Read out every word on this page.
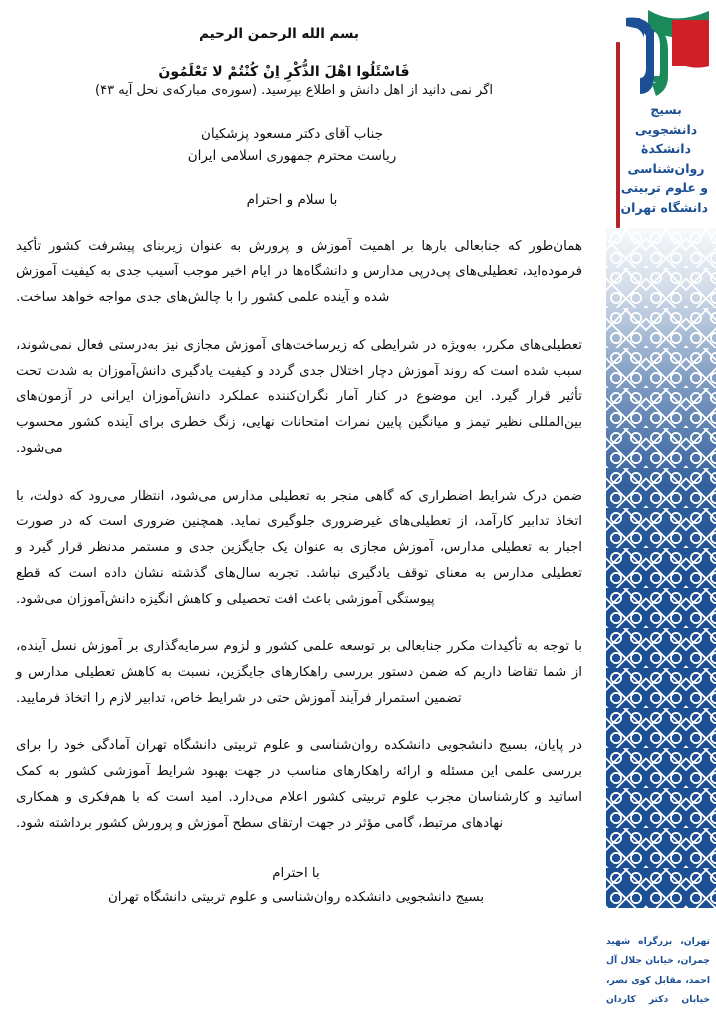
بسیج
دانشجویی
دانشکدهٔ
روان‌شناسی
و علوم تربیتی
دانشگاه تهران
تهران، بزرگراه شهید
چمران، خیابان جلال آل
احمد، مقابل کوی نصر،
خیابان دکتر کاردان

بسم الله الرحمن الرحیم

فَاسْئَلُوا اهْلَ الذُّكْرِ اِنْ كُنْتُمْ لا تَعْلَمُونَ

اگر نمی دانید از اهل دانش و اطلاع بپرسید. (سوره‌ی مبارکه‌ی نحل آیه ۴۳)

جناب آقای دکتر مسعود پزشکیان
ریاست محترم جمهوری اسلامی ایران

با سلام و احترام

همان‌طور که جنابعالی بارها بر اهمیت آموزش و پرورش به عنوان زیربنای پیشرفت کشور تأکید فرموده‌اید، تعطیلی‌های پی‌درپی مدارس و دانشگاه‌ها در ایام اخیر موجب آسیب جدی به کیفیت آموزش شده و آینده علمی کشور را با چالش‌های جدی مواجه خواهد ساخت.

تعطیلی‌های مکرر، به‌ویژه در شرایطی که زیرساخت‌های آموزش مجازی نیز به‌درستی فعال نمی‌شوند، سبب شده است که روند آموزش دچار اختلال جدی گردد و کیفیت یادگیری دانش‌آموزان به شدت تحت تأثیر قرار گیرد. این موضوع در کنار آمار نگران‌کننده عملکرد دانش‌آموزان ایرانی در آزمون‌های بین‌المللی نظیر تیمز و میانگین پایین نمرات امتحانات نهایی، زنگ خطری برای آینده کشور محسوب می‌شود.

ضمن درک شرایط اضطراری که گاهی منجر به تعطیلی مدارس می‌شود، انتظار می‌رود که دولت، با اتخاذ تدابیر کارآمد، از تعطیلی‌های غیرضروری جلوگیری نماید. همچنین ضروری است که در صورت اجبار به تعطیلی مدارس، آموزش مجازی به عنوان یک جایگزین جدی و مستمر مدنظر قرار گیرد و تعطیلی مدارس به معنای توقف یادگیری نباشد. تجربه سال‌های گذشته نشان داده است که قطع پیوستگی آموزشی باعث افت تحصیلی و کاهش انگیزه دانش‌آموزان می‌شود.

با توجه به تأکیدات مکرر جنابعالی بر توسعه علمی کشور و لزوم سرمایه‌گذاری بر آموزش نسل آینده، از شما تقاضا داریم که ضمن دستور بررسی راهکارهای جایگزین، نسبت به کاهش تعطیلی مدارس و تضمین استمرار فرآیند آموزش حتی در شرایط خاص، تدابیر لازم را اتخاذ فرمایید.

در پایان، بسیج دانشجویی دانشکده روان‌شناسی و علوم تربیتی دانشگاه تهران آمادگی خود را برای بررسی علمی این مسئله و ارائه راهکارهای مناسب در جهت بهبود شرایط آموزشی کشور به کمک اساتید و کارشناسان مجرب علوم تربیتی کشور اعلام می‌دارد. امید است که با هم‌فکری و همکاری نهادهای مرتبط، گامی مؤثر در جهت ارتقای سطح آموزش و پرورش کشور برداشته شود.

با احترام
بسیج دانشجویی دانشکده روان‌شناسی و علوم تربیتی دانشگاه تهران
